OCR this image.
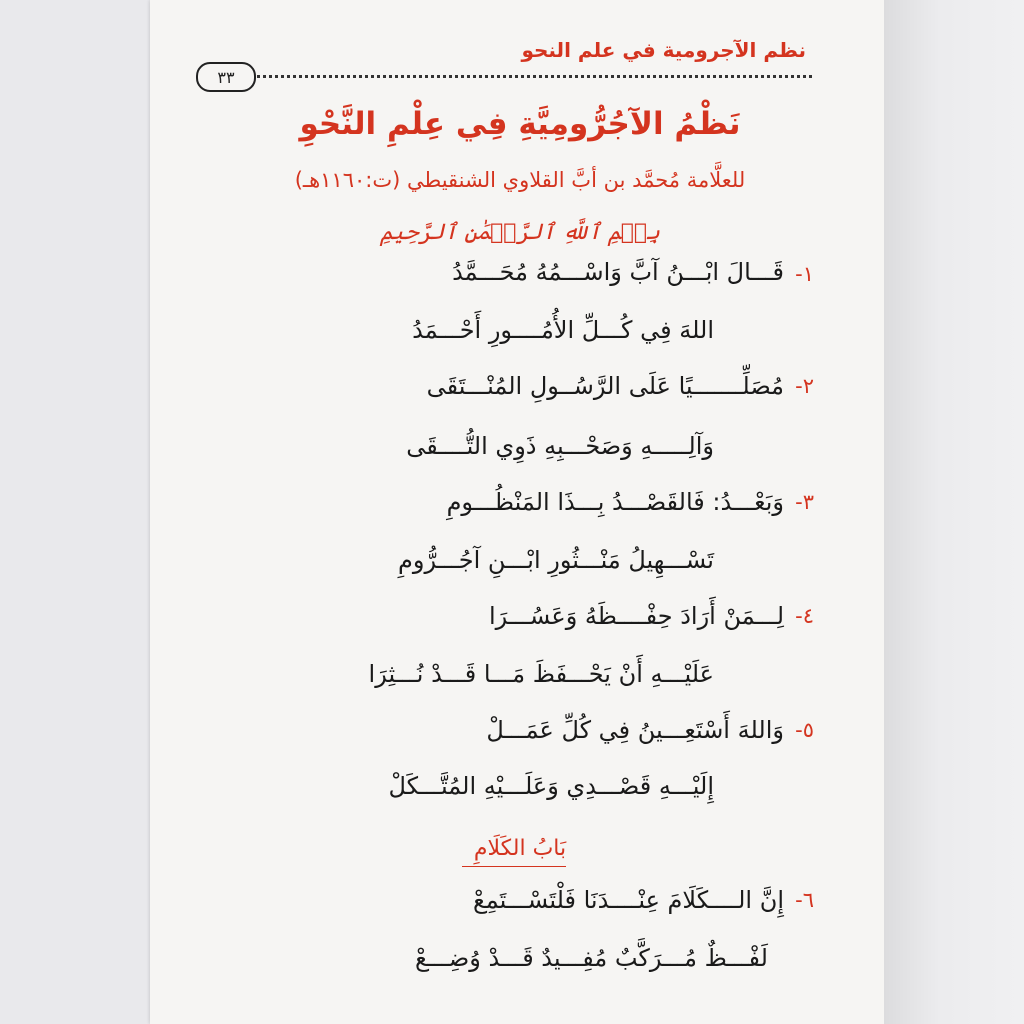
نظم الآجرومية في علم النحو
٣٣
نَظْمُ الآجُرُّومِيَّةِ فِي عِلْمِ النَّحْوِ
للعلَّامة مُحمَّد بن أبَّ القلاوي الشنقيطي (ت:١١٦٠هـ)
بِسۡمِ ٱللَّهِ ٱلرَّحۡمَٰنِ ٱلرَّحِيمِ
١-
قَـــالَ ابْـــنُ آبَّ وَاسْـــمُهُ مُحَـــمَّدُ
اللهَ فِي كُـــلِّ الأُمُــــورِ أَحْـــمَدُ
٢-
مُصَلِّـــــــيًا عَلَى الرَّسُــولِ المُنْـــتَقَى
وَآلِـــــهِ وَصَحْـــبِهِ ذَوِي التُّــــقَى
٣-
وَبَعْـــدُ: فَالقَصْـــدُ بِـــذَا المَنْظُـــومِ
تَسْـــهِيلُ مَنْـــثُورِ ابْـــنِ آجُـــرُّومِ
٤-
لِـــمَنْ أَرَادَ حِفْــــظَهُ وَعَسُـــرَا
عَلَيْـــهِ أَنْ يَحْـــفَظَ مَـــا قَـــدْ نُـــثِرَا
٥-
وَاللهَ أَسْتَعِـــينُ فِي كُلِّ عَمَـــلْ
إِلَيْـــهِ قَصْـــدِي وَعَلَـــيْهِ المُتَّـــكَلْ
بَابُ الكَلَامِ
٦-
إِنَّ الــــكَلَامَ عِنْــــدَنَا فَلْتَسْـــتَمِعْ
لَفْـــظٌ مُـــرَكَّبٌ مُفِـــيدٌ قَـــدْ وُضِـــعْ
